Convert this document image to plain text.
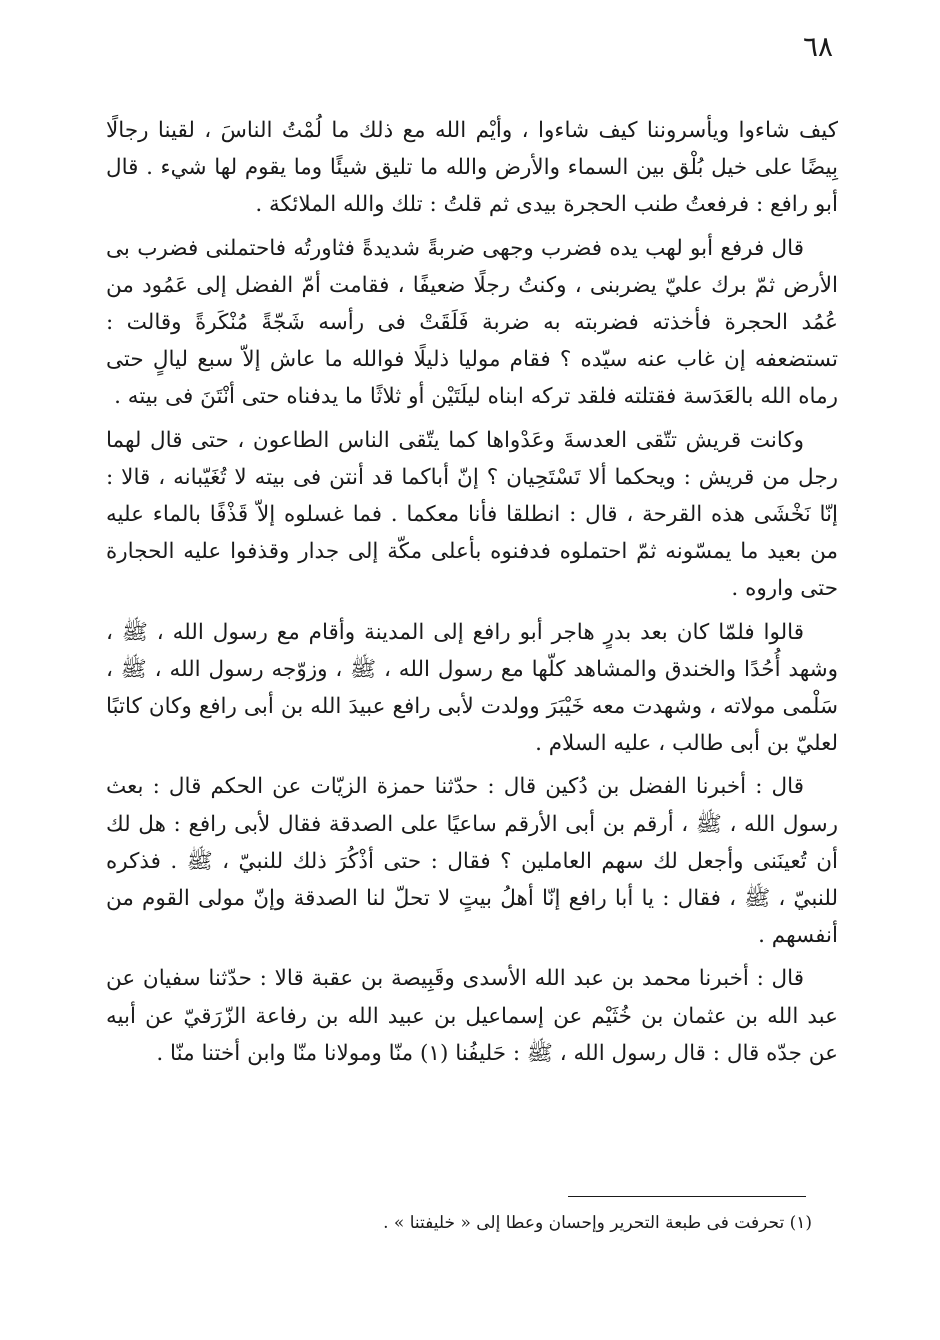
٦٨

كيف شاءوا ويأسروننا كيف شاءوا ، وأيْم الله مع ذلك ما لُمْتُ الناسَ ، لقينا رجالًا بِيضًا على خيل بُلْق بين السماء والأرض والله ما تليق شيئًا وما يقوم لها شيء . قال أبو رافع : فرفعتُ طنب الحجرة بيدى ثم قلتُ : تلك والله الملائكة .

قال فرفع أبو لهب يده فضرب وجهى ضربةً شديدةً فثاورتُه فاحتملنى فضرب بى الأرض ثمّ برك عليّ يضربنى ، وكنتُ رجلًا ضعيفًا ، فقامت أمّ الفضل إلى عَمُود من عُمُد الحجرة فأخذته فضربته به ضربة فَلَقَتْ فى رأسه شَجّةً مُنْكَرةً وقالت : تستضعفه إن غاب عنه سيّده ؟ فقام موليا ذليلًا فوالله ما عاش إلاّ سبع ليالٍ حتى رماه الله بالعَدَسة فقتلته فلقد تركه ابناه ليلَتَيْن أو ثلاثًا ما يدفناه حتى أنْتَنَ فى بيته .

وكانت قريش تتّقى العدسةَ وعَدْواها كما يتّقى الناس الطاعون ، حتى قال لهما رجل من قريش : ويحكما ألا تَسْتَحِيان ؟ إنّ أباكما قد أنتن فى بيته لا تُغَيّبانه ، قالا : إنّا نَخْشَى هذه القرحة ، قال : انطلقا فأنا معكما . فما غسلوه إلاّ قَذْفًا بالماء عليه من بعيد ما يمسّونه ثمّ احتملوه فدفنوه بأعلى مكّة إلى جدار وقذفوا عليه الحجارة حتى واروه .

قالوا فلمّا كان بعد بدرٍ هاجر أبو رافع إلى المدينة وأقام مع رسول الله ، ﷺ ، وشهد أُحُدًا والخندق والمشاهد كلّها مع رسول الله ، ﷺ ، وزوّجه رسول الله ، ﷺ ، سَلْمى مولاته ، وشهدت معه خَيْبَرَ وولدت لأبى رافع عبيدَ الله بن أبى رافع وكان كاتبًا لعليّ بن أبى طالب ، عليه السلام .

قال : أخبرنا الفضل بن دُكين قال : حدّثنا حمزة الزيّات عن الحكم قال : بعث رسول الله ، ﷺ ، أرقم بن أبى الأرقم ساعيًا على الصدقة فقال لأبى رافع : هل لك أن تُعينَنى وأجعل لك سهم العاملين ؟ فقال : حتى أذْكُرَ ذلك للنبيّ ، ﷺ . فذكره للنبيّ ، ﷺ ، فقال : يا أبا رافع إنّا أهلُ بيتٍ لا تحلّ لنا الصدقة وإنّ مولى القوم من أنفسهم .

قال : أخبرنا محمد بن عبد الله الأسدى وقَبِيصة بن عقبة قالا : حدّثنا سفيان عن عبد الله بن عثمان بن خُثَيْم عن إسماعيل بن عبيد الله بن رفاعة الزّرَقيّ عن أبيه عن جدّه قال : قال رسول الله ، ﷺ : حَليفُنا (١) منّا ومولانا منّا وابن أختنا منّا .

(١) تحرفت فى طبعة التحرير وإحسان وعطا إلى « خليفتنا » .
